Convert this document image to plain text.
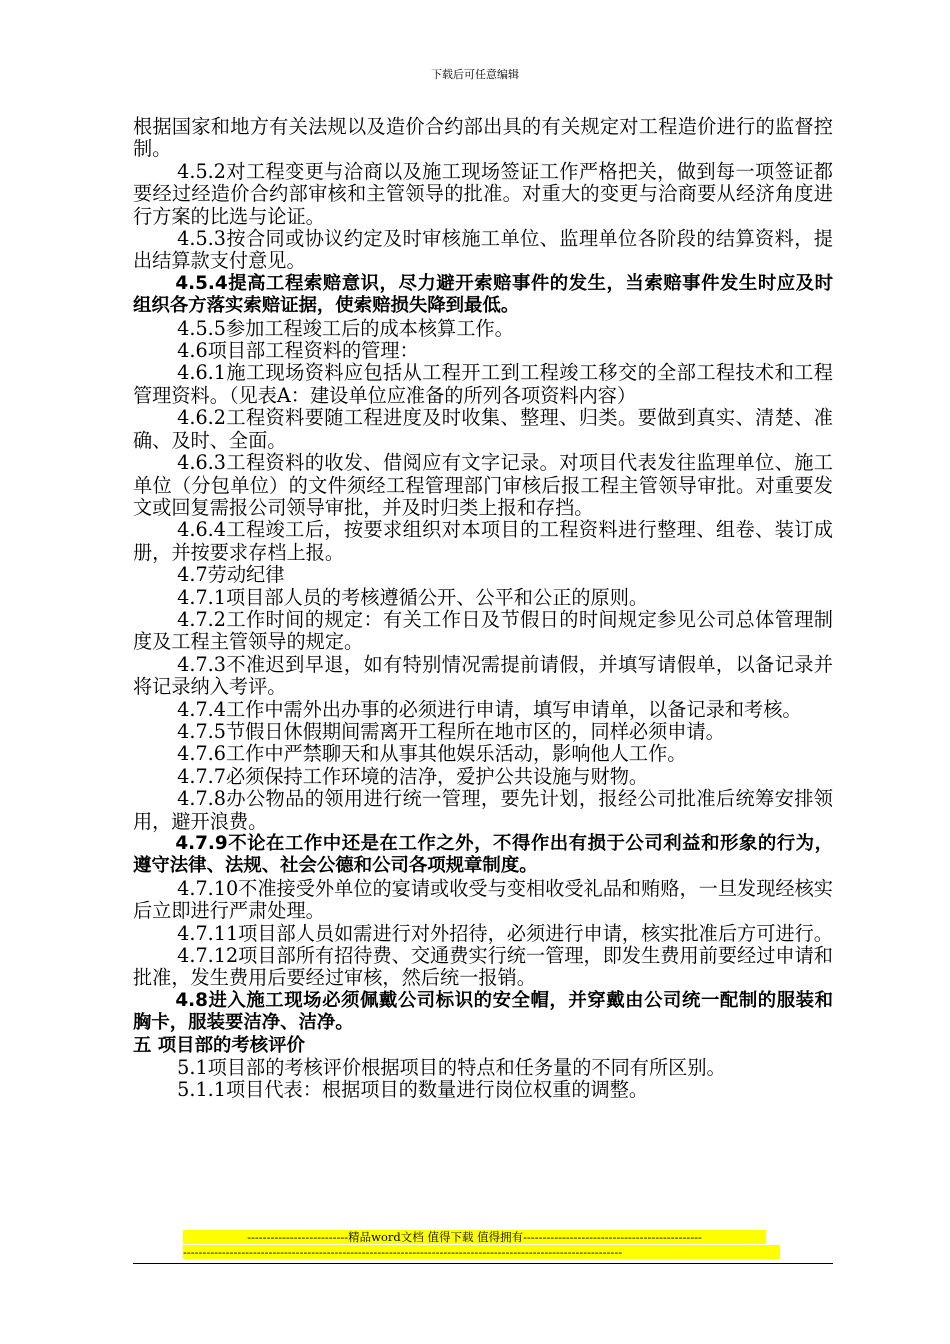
下载后可任意编辑

根据国家和地方有关法规以及造价合约部出具的有关规定对工程造价进行的监督控制。

4.5.2对工程变更与洽商以及施工现场签证工作严格把关，做到每一项签证都要经过经造价合约部审核和主管领导的批准。对重大的变更与洽商要从经济角度进行方案的比选与论证。

4.5.3按合同或协议约定及时审核施工单位、监理单位各阶段的结算资料，提出结算款支付意见。

4.5.4提高工程索赔意识，尽力避开索赔事件的发生，当索赔事件发生时应及时组织各方落实索赔证据，使索赔损失降到最低。

4.5.5参加工程竣工后的成本核算工作。

4.6项目部工程资料的管理：

4.6.1施工现场资料应包括从工程开工到工程竣工移交的全部工程技术和工程管理资料。（见表A：建设单位应准备的所列各项资料内容）

4.6.2工程资料要随工程进度及时收集、整理、归类。要做到真实、清楚、准确、及时、全面。

4.6.3工程资料的收发、借阅应有文字记录。对项目代表发往监理单位、施工单位（分包单位）的文件须经工程管理部门审核后报工程主管领导审批。对重要发文或回复需报公司领导审批，并及时归类上报和存挡。

4.6.4工程竣工后，按要求组织对本项目的工程资料进行整理、组卷、装订成册，并按要求存档上报。

4.7劳动纪律

4.7.1项目部人员的考核遵循公开、公平和公正的原则。

4.7.2工作时间的规定：有关工作日及节假日的时间规定参见公司总体管理制度及工程主管领导的规定。

4.7.3不准迟到早退，如有特别情况需提前请假，并填写请假单，以备记录并将记录纳入考评。

4.7.4工作中需外出办事的必须进行申请，填写申请单，以备记录和考核。

4.7.5节假日休假期间需离开工程所在地市区的，同样必须申请。

4.7.6工作中严禁聊天和从事其他娱乐活动，影响他人工作。

4.7.7必须保持工作环境的洁净，爱护公共设施与财物。

4.7.8办公物品的领用进行统一管理，要先计划，报经公司批准后统筹安排领用，避开浪费。

4.7.9不论在工作中还是在工作之外，不得作出有损于公司利益和形象的行为，遵守法律、法规、社会公德和公司各项规章制度。

4.7.10不准接受外单位的宴请或收受与变相收受礼品和贿赂，一旦发现经核实后立即进行严肃处理。

4.7.11项目部人员如需进行对外招待，必须进行申请，核实批准后方可进行。

4.7.12项目部所有招待费、交通费实行统一管理，即发生费用前要经过申请和批准，发生费用后要经过审核，然后统一报销。

4.8进入施工现场必须佩戴公司标识的安全帽，并穿戴由公司统一配制的服装和胸卡，服装要洁净、洁净。

五 项目部的考核评价

5.1项目部的考核评价根据项目的特点和任务量的不同有所区别。

5.1.1项目代表：根据项目的数量进行岗位权重的调整。

--------------------------精品word文档 值得下载 值得拥有----------------------------------------------
-----------------------------------------------------------------------------------------------------------------
